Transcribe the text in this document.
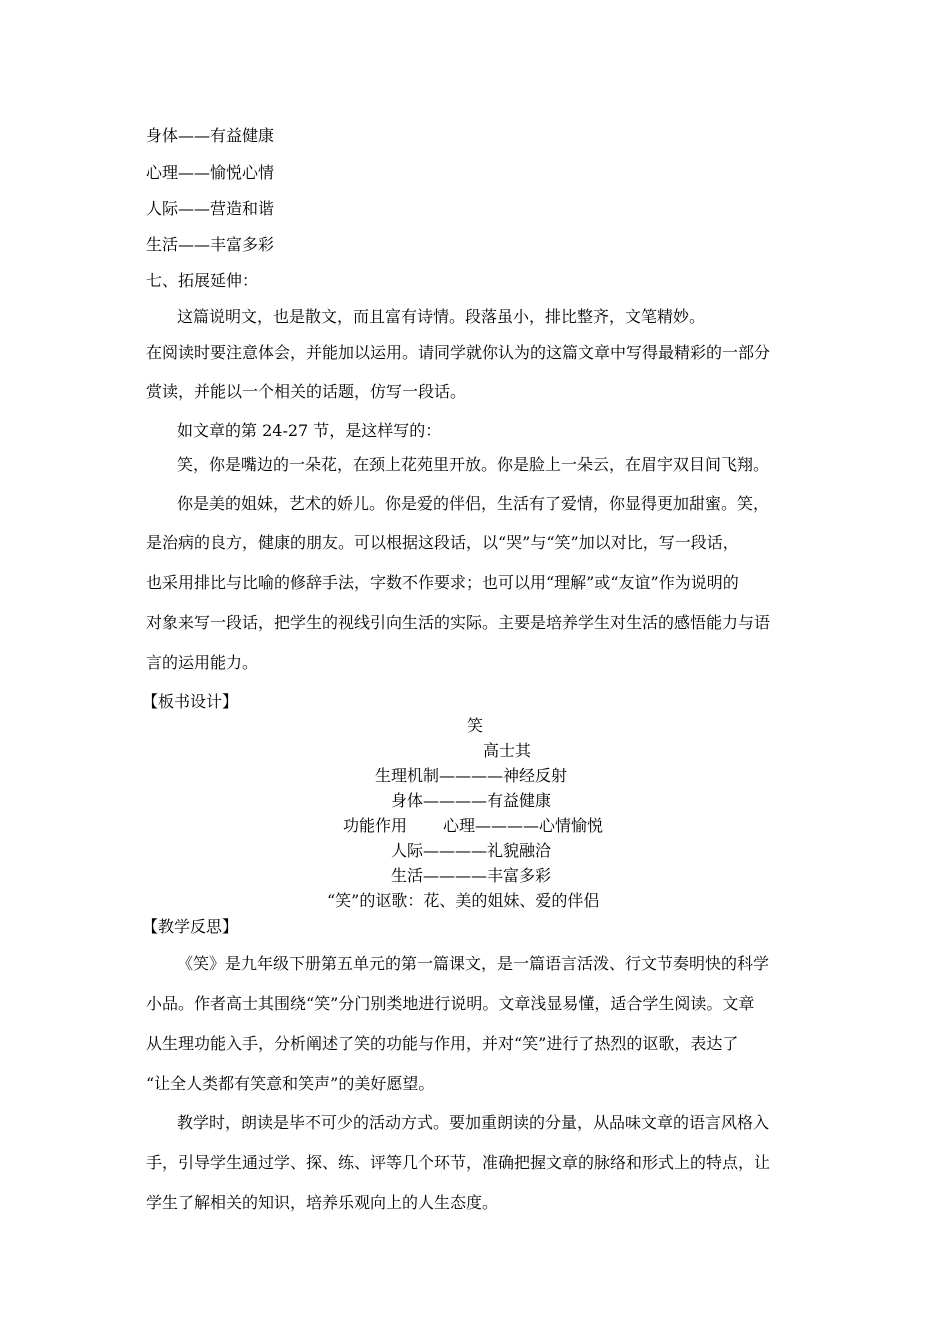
身体——有益健康
心理——愉悦心情
人际——营造和谐
生活——丰富多彩
七、拓展延伸：
这篇说明文，也是散文，而且富有诗情。段落虽小，排比整齐，文笔精妙。
在阅读时要注意体会，并能加以运用。请同学就你认为的这篇文章中写得最精彩的一部分
赏读，并能以一个相关的话题，仿写一段话。
如文章的第 24-27 节，是这样写的：
笑，你是嘴边的一朵花，在颈上花苑里开放。你是脸上一朵云，在眉宇双目间飞翔。
你是美的姐妹，艺术的娇儿。你是爱的伴侣，生活有了爱情，你显得更加甜蜜。笑，
是治病的良方，健康的朋友。可以根据这段话，以“哭”与“笑”加以对比，写一段话，
也采用排比与比喻的修辞手法，字数不作要求；也可以用“理解”或“友谊”作为说明的
对象来写一段话，把学生的视线引向生活的实际。主要是培养学生对生活的感悟能力与语
言的运用能力。
【板书设计】
笑
高士其
生理机制————神经反射
身体————有益健康
功能作用 心理————心情愉悦
人际————礼貌融洽
生活————丰富多彩
“笑”的讴歌：花、美的姐妹、爱的伴侣
【教学反思】
《笑》是九年级下册第五单元的第一篇课文，是一篇语言活泼、行文节奏明快的科学
小品。作者高士其围绕“笑”分门别类地进行说明。文章浅显易懂，适合学生阅读。文章
从生理功能入手，分析阐述了笑的功能与作用，并对“笑”进行了热烈的讴歌，表达了
“让全人类都有笑意和笑声”的美好愿望。
教学时，朗读是毕不可少的活动方式。要加重朗读的分量，从品味文章的语言风格入
手，引导学生通过学、探、练、评等几个环节，准确把握文章的脉络和形式上的特点，让
学生了解相关的知识，培养乐观向上的人生态度。
